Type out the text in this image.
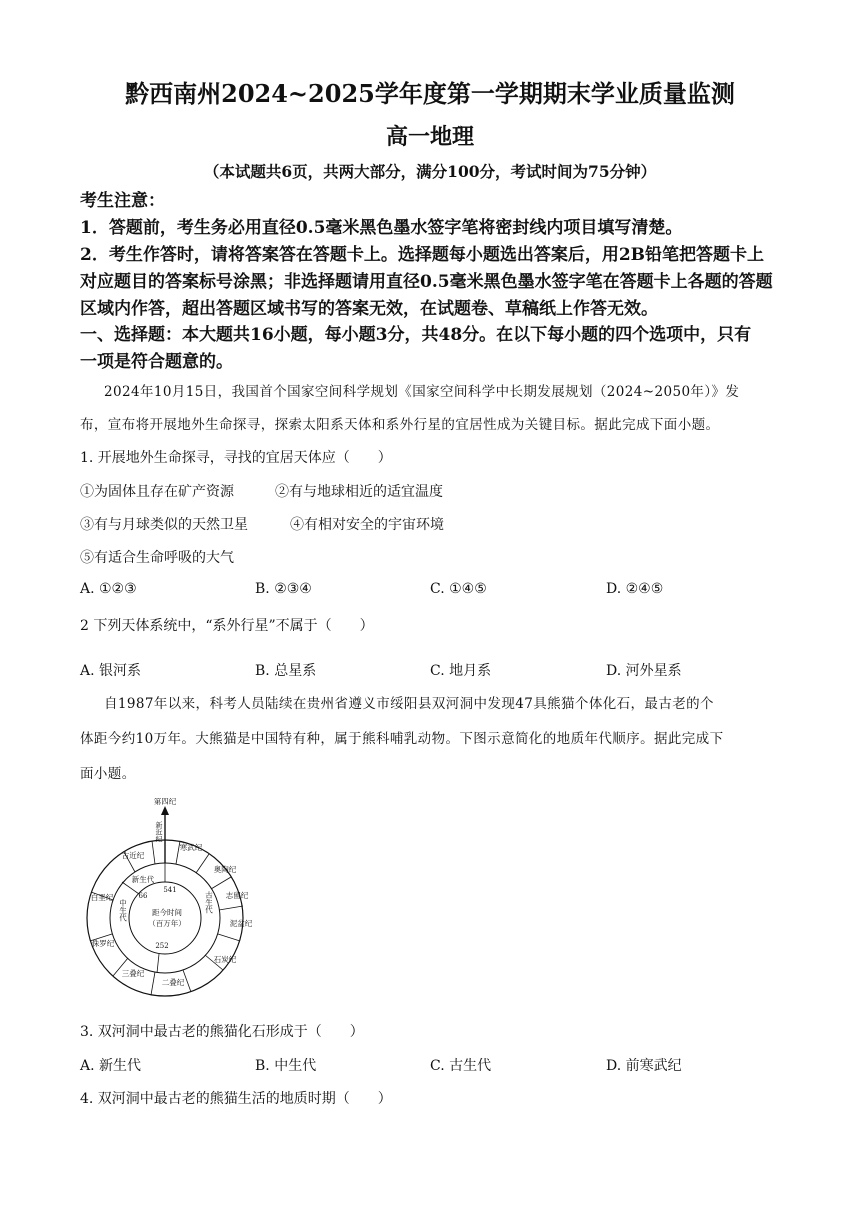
黔西南州2024~2025学年度第一学期期末学业质量监测
高一地理
（本试题共6页，共两大部分，满分100分，考试时间为75分钟）
考生注意：
1．答题前，考生务必用直径0.5毫米黑色墨水签字笔将密封线内项目填写清楚。
2．考生作答时，请将答案答在答题卡上。选择题每小题选出答案后，用2B铅笔把答题卡上
对应题目的答案标号涂黑；非选择题请用直径0.5毫米黑色墨水签字笔在答题卡上各题的答题
区域内作答，超出答题区域书写的答案无效，在试题卷、草稿纸上作答无效。
一、选择题：本大题共16小题，每小题3分，共48分。在以下每小题的四个选项中，只有
一项是符合题意的。
2024年10月15日，我国首个国家空间科学规划《国家空间科学中长期发展规划（2024~2050年）》发
布，宣布将开展地外生命探寻，探索太阳系天体和系外行星的宜居性成为关键目标。据此完成下面小题。
1. 开展地外生命探寻，寻找的宜居天体应（　　）
①为固体且存在矿产资源	②有与地球相近的适宜温度
③有与月球类似的天然卫星	④有相对安全的宇宙环境
⑤有适合生命呼吸的大气
A. ①②③	B. ②③④	C. ①④⑤	D. ②④⑤
2 下列天体系统中，“系外行星”不属于（　　）
A. 银河系	B. 总星系	C. 地月系	D. 河外星系
自1987年以来，科考人员陆续在贵州省遵义市绥阳县双河洞中发现47具熊猫个体化石，最古老的个
体距今约10万年。大熊猫是中国特有种，属于熊科哺乳动物。下图示意简化的地质年代顺序。据此完成下
面小题。
第四纪
新近纪
古近纪
寒武纪
奥陶纪
志留纪
泥盆纪
石炭纪
二叠纪
三叠纪
侏罗纪
白垩纪
新生代
中生代	古生代
541
66
252
距今时间
（百万年）
3. 双河洞中最古老的熊猫化石形成于（　　）
A. 新生代	B. 中生代	C. 古生代	D. 前寒武纪
4. 双河洞中最古老的熊猫生活的地质时期（　　）
